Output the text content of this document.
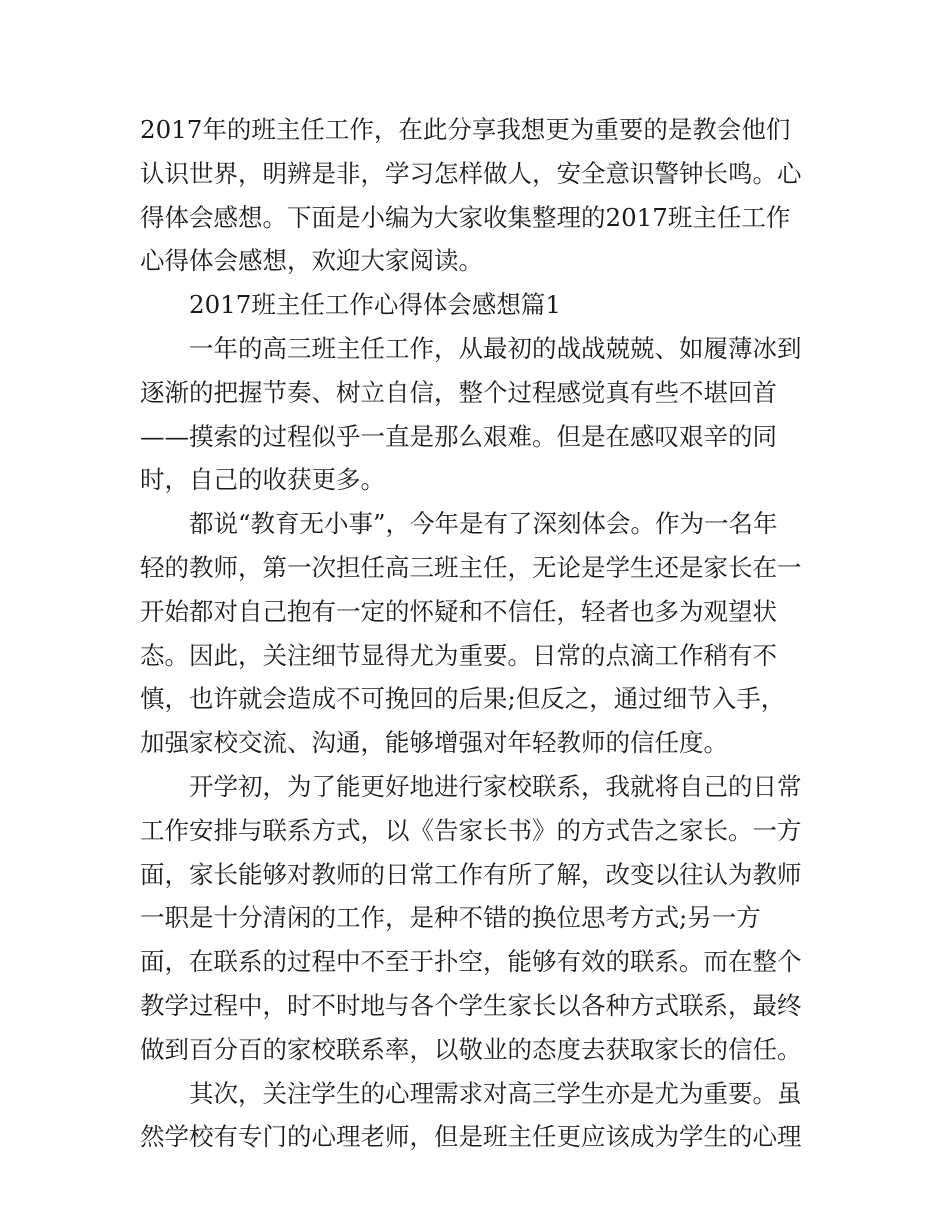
2017年的班主任工作，在此分享我想更为重要的是教会他们
认识世界，明辨是非，学习怎样做人，安全意识警钟长鸣。心
得体会感想。下面是小编为大家收集整理的2017班主任工作
心得体会感想，欢迎大家阅读。
2017班主任工作心得体会感想篇1
一年的高三班主任工作，从最初的战战兢兢、如履薄冰到
逐渐的把握节奏、树立自信，整个过程感觉真有些不堪回首
——摸索的过程似乎一直是那么艰难。但是在感叹艰辛的同
时，自己的收获更多。
都说“教育无小事”，今年是有了深刻体会。作为一名年
轻的教师，第一次担任高三班主任，无论是学生还是家长在一
开始都对自己抱有一定的怀疑和不信任，轻者也多为观望状
态。因此，关注细节显得尤为重要。日常的点滴工作稍有不
慎，也许就会造成不可挽回的后果;但反之，通过细节入手，
加强家校交流、沟通，能够增强对年轻教师的信任度。
开学初，为了能更好地进行家校联系，我就将自己的日常
工作安排与联系方式，以《告家长书》的方式告之家长。一方
面，家长能够对教师的日常工作有所了解，改变以往认为教师
一职是十分清闲的工作，是种不错的换位思考方式;另一方
面，在联系的过程中不至于扑空，能够有效的联系。而在整个
教学过程中，时不时地与各个学生家长以各种方式联系，最终
做到百分百的家校联系率，以敬业的态度去获取家长的信任。
其次，关注学生的心理需求对高三学生亦是尤为重要。虽
然学校有专门的心理老师，但是班主任更应该成为学生的心理
